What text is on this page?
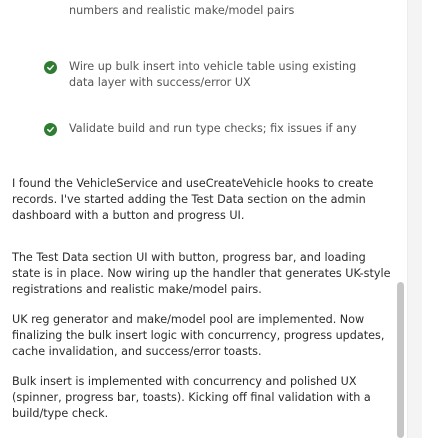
numbers and realistic make/model pairs
Wire up bulk insert into vehicle table using existing data layer with success/error UX
Validate build and run type checks; fix issues if any

I found the VehicleService and useCreateVehicle hooks to create records. I've started adding the Test Data section on the admin dashboard with a button and progress UI.

The Test Data section UI with button, progress bar, and loading state is in place. Now wiring up the handler that generates UK-style registrations and realistic make/model pairs.

UK reg generator and make/model pool are implemented. Now finalizing the bulk insert logic with concurrency, progress updates, cache invalidation, and success/error toasts.

Bulk insert is implemented with concurrency and polished UX (spinner, progress bar, toasts). Kicking off final validation with a build/type check.
